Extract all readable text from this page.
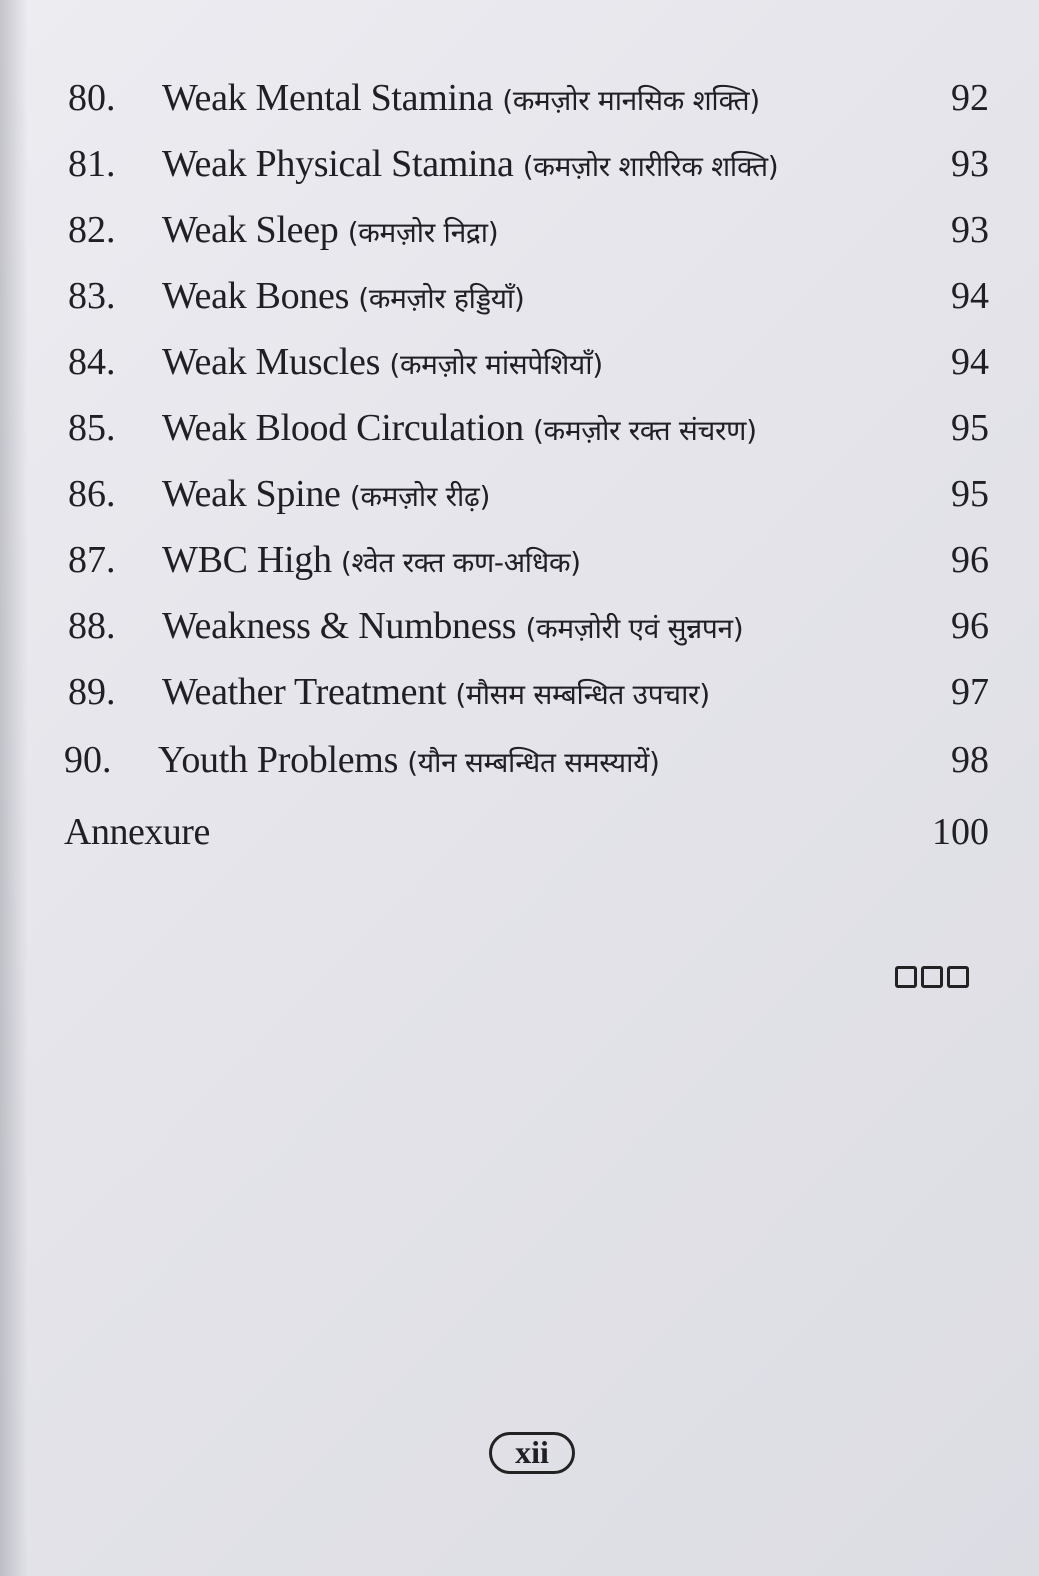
80. Weak Mental Stamina (कमज़ोर मानसिक शक्ति)	92
81. Weak Physical Stamina (कमज़ोर शारीरिक शक्ति)	93
82. Weak Sleep (कमज़ोर निद्रा)	93
83. Weak Bones (कमज़ोर हड्डियाँ)	94
84. Weak Muscles (कमज़ोर मांसपेशियाँ)	94
85. Weak Blood Circulation (कमज़ोर रक्त संचरण)	95
86. Weak Spine (कमज़ोर रीढ़)	95
87. WBC High (श्वेत रक्त कण-अधिक)	96
88. Weakness & Numbness (कमज़ोरी एवं सुन्नपन)	96
89. Weather Treatment (मौसम सम्बन्धित उपचार)	97
90. Youth Problems (यौन सम्बन्धित समस्यायें)	98
Annexure	100
xii
